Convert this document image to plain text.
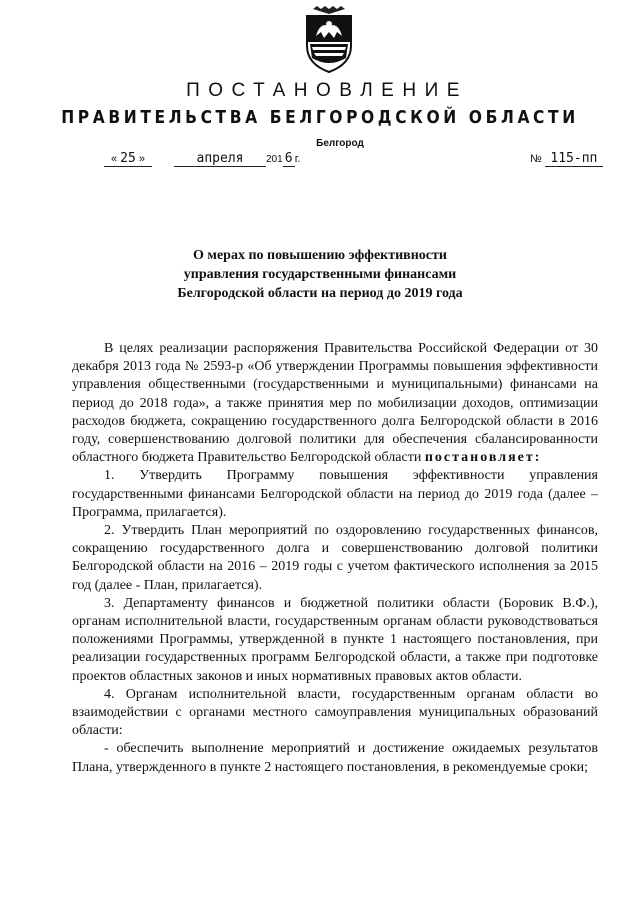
ПОСТАНОВЛЕНИЕ
ПРАВИТЕЛЬСТВА БЕЛГОРОДСКОЙ ОБЛАСТИ
Белгород
« 25 »	апреля 201 6 г.	№ 115-пп
О мерах по повышению эффективности
управления государственными финансами
Белгородской области на период до 2019 года

В целях реализации распоряжения Правительства Российской Федерации от 30 декабря 2013 года № 2593-р «Об утверждении Программы повышения эффективности управления общественными (государственными и муниципальными) финансами на период до 2018 года», а также принятия мер по мобилизации доходов, оптимизации расходов бюджета, сокращению государственного долга Белгородской области в 2016 году, совершенствованию долговой политики для обеспечения сбалансированности областного бюджета Правительство Белгородской области постановляет:

1. Утвердить Программу повышения эффективности управления государственными финансами Белгородской области на период до 2019 года (далее – Программа, прилагается).

2. Утвердить План мероприятий по оздоровлению государственных финансов, сокращению государственного долга и совершенствованию долговой политики Белгородской области на 2016 – 2019 годы с учетом фактического исполнения за 2015 год (далее - План, прилагается).

3. Департаменту финансов и бюджетной политики области (Боровик В.Ф.), органам исполнительной власти, государственным органам области руководствоваться положениями Программы, утвержденной в пункте 1 настоящего постановления, при реализации государственных программ Белгородской области, а также при подготовке проектов областных законов и иных нормативных правовых актов области.

4. Органам исполнительной власти, государственным органам области во взаимодействии с органами местного самоуправления муниципальных образований области:

- обеспечить выполнение мероприятий и достижение ожидаемых результатов Плана, утвержденного в пункте 2 настоящего постановления, в рекомендуемые сроки;
